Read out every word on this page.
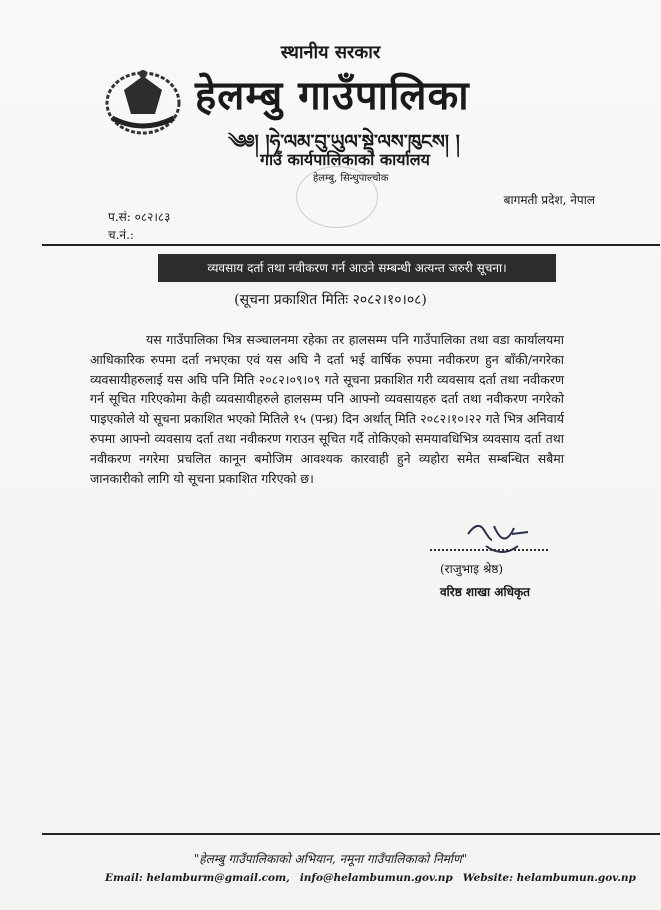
स्थानीय सरकार
हेलम्बु गाउँपालिका
༄༅། །ཧེ་ལམ་བུ་ཡུལ་སྡེ་ལས་ཁུངས། །
गाउँ कार्यपालिकाको कार्यालय
हेलम्बु, सिन्धुपाल्चोक
बागमती प्रदेश, नेपाल
प.सं: ०८२।८३
च.नं.:
व्यवसाय दर्ता तथा नवीकरण गर्न आउने सम्बन्धी अत्यन्त जरुरी सूचना।
(सूचना प्रकाशित मितिः २०८२।१०।०८)
यस गाउँपालिका भित्र सञ्चालनमा रहेका तर हालसम्म पनि गाउँपालिका तथा वडा कार्यालयमा आधिकारिक रुपमा दर्ता नभएका एवं यस अघि नै दर्ता भई वार्षिक रुपमा नवीकरण हुन बाँकी/नगरेका व्यवसायीहरुलाई यस अघि पनि मिति २०८२।०९।०९ गते सूचना प्रकाशित गरी व्यवसाय दर्ता तथा नवीकरण गर्न सूचित गरिएकोमा केही व्यवसायीहरुले हालसम्म पनि आफ्नो व्यवसायहरु दर्ता तथा नवीकरण नगरेको पाइएकोले यो सूचना प्रकाशित भएको मितिले १५ (पन्ध्र) दिन अर्थात् मिति २०८२।१०।२२ गते भित्र अनिवार्य रुपमा आफ्नो व्यवसाय दर्ता तथा नवीकरण गराउन सूचित गर्दै तोकिएको समयावधिभित्र व्यवसाय दर्ता तथा नवीकरण नगरेमा प्रचलित कानून बमोजिम आवश्यक कारवाही हुने व्यहोरा समेत सम्बन्धित सबैमा जानकारीको लागि यो सूचना प्रकाशित गरिएको छ।
(राजुभाइ श्रेष्ठ)
वरिष्ठ शाखा अधिकृत
"हेलम्बु गाउँपालिकाको अभियान, नमूना गाउँपालिकाको निर्माण"
Email: helamburm@gmail.com, info@helambumun.gov.np Website: helambumun.gov.np
